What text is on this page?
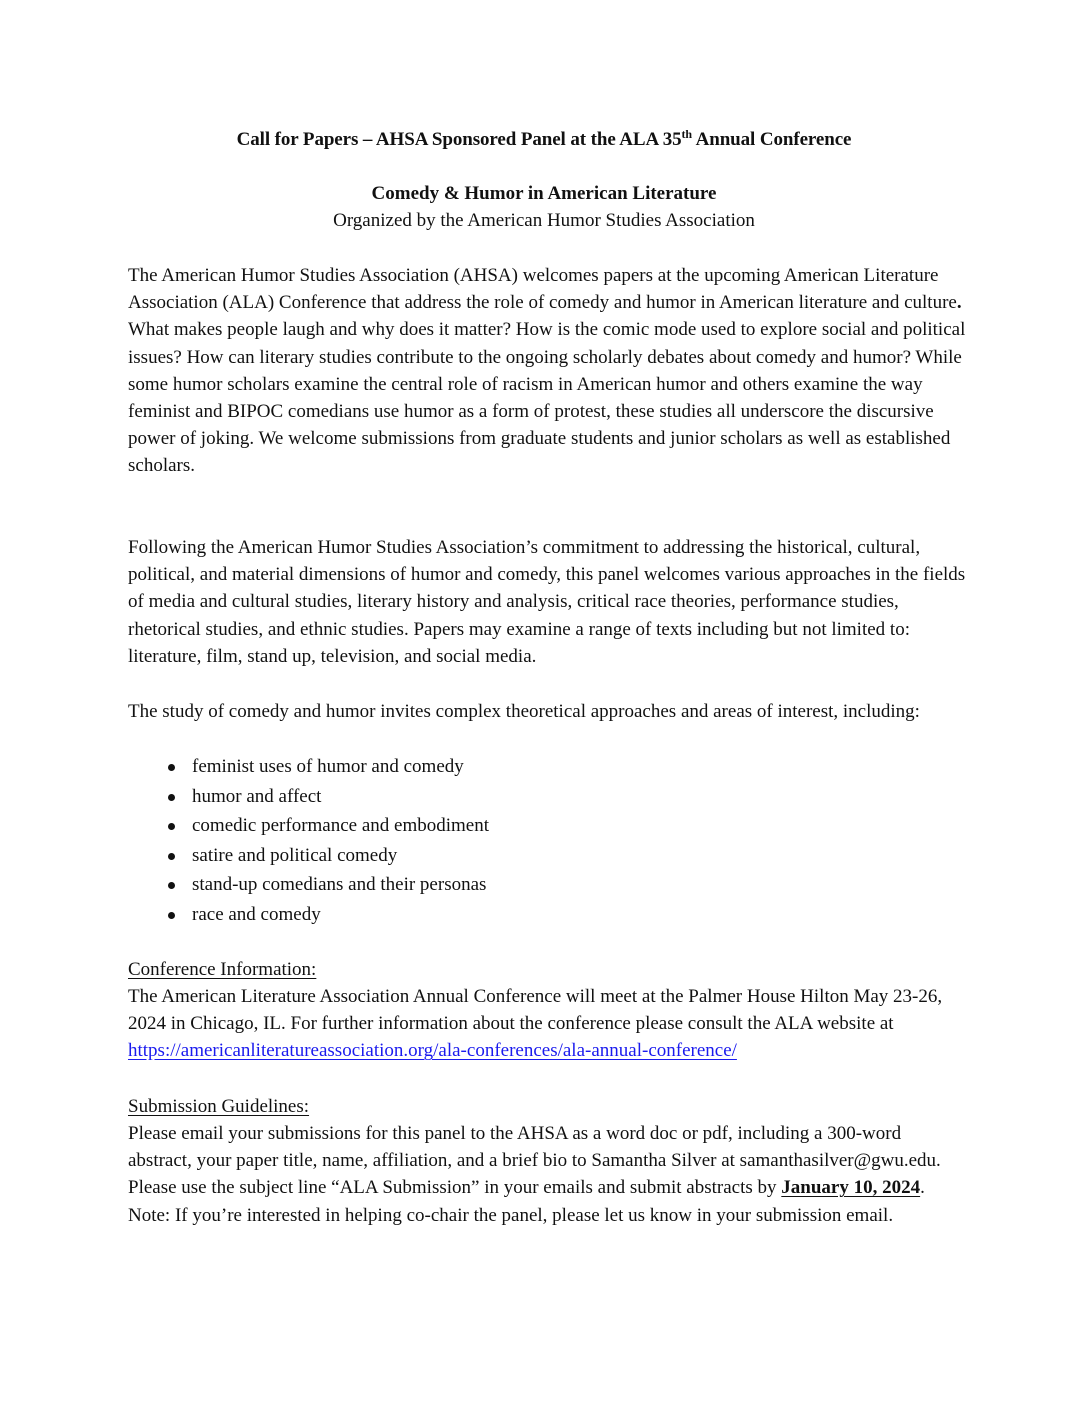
Call for Papers – AHSA Sponsored Panel at the ALA 35th Annual Conference
Comedy & Humor in American Literature
Organized by the American Humor Studies Association

The American Humor Studies Association (AHSA) welcomes papers at the upcoming American Literature Association (ALA) Conference that address the role of comedy and humor in American literature and culture. What makes people laugh and why does it matter? How is the comic mode used to explore social and political issues? How can literary studies contribute to the ongoing scholarly debates about comedy and humor? While some humor scholars examine the central role of racism in American humor and others examine the way feminist and BIPOC comedians use humor as a form of protest, these studies all underscore the discursive power of joking. We welcome submissions from graduate students and junior scholars as well as established scholars.

Following the American Humor Studies Association’s commitment to addressing the historical, cultural, political, and material dimensions of humor and comedy, this panel welcomes various approaches in the fields of media and cultural studies, literary history and analysis, critical race theories, performance studies, rhetorical studies, and ethnic studies. Papers may examine a range of texts including but not limited to: literature, film, stand up, television, and social media.

The study of comedy and humor invites complex theoretical approaches and areas of interest, including:

feminist uses of humor and comedy
humor and affect
comedic performance and embodiment
satire and political comedy
stand-up comedians and their personas
race and comedy
Conference Information:

The American Literature Association Annual Conference will meet at the Palmer House Hilton May 23-26, 2024 in Chicago, IL. For further information about the conference please consult the ALA website at https://americanliteratureassociation.org/ala-conferences/ala-annual-conference/

Submission Guidelines:

Please email your submissions for this panel to the AHSA as a word doc or pdf, including a 300-word abstract, your paper title, name, affiliation, and a brief bio to Samantha Silver at samanthasilver@gwu.edu. Please use the subject line “ALA Submission” in your emails and submit abstracts by January 10, 2024. Note: If you’re interested in helping co-chair the panel, please let us know in your submission email.
